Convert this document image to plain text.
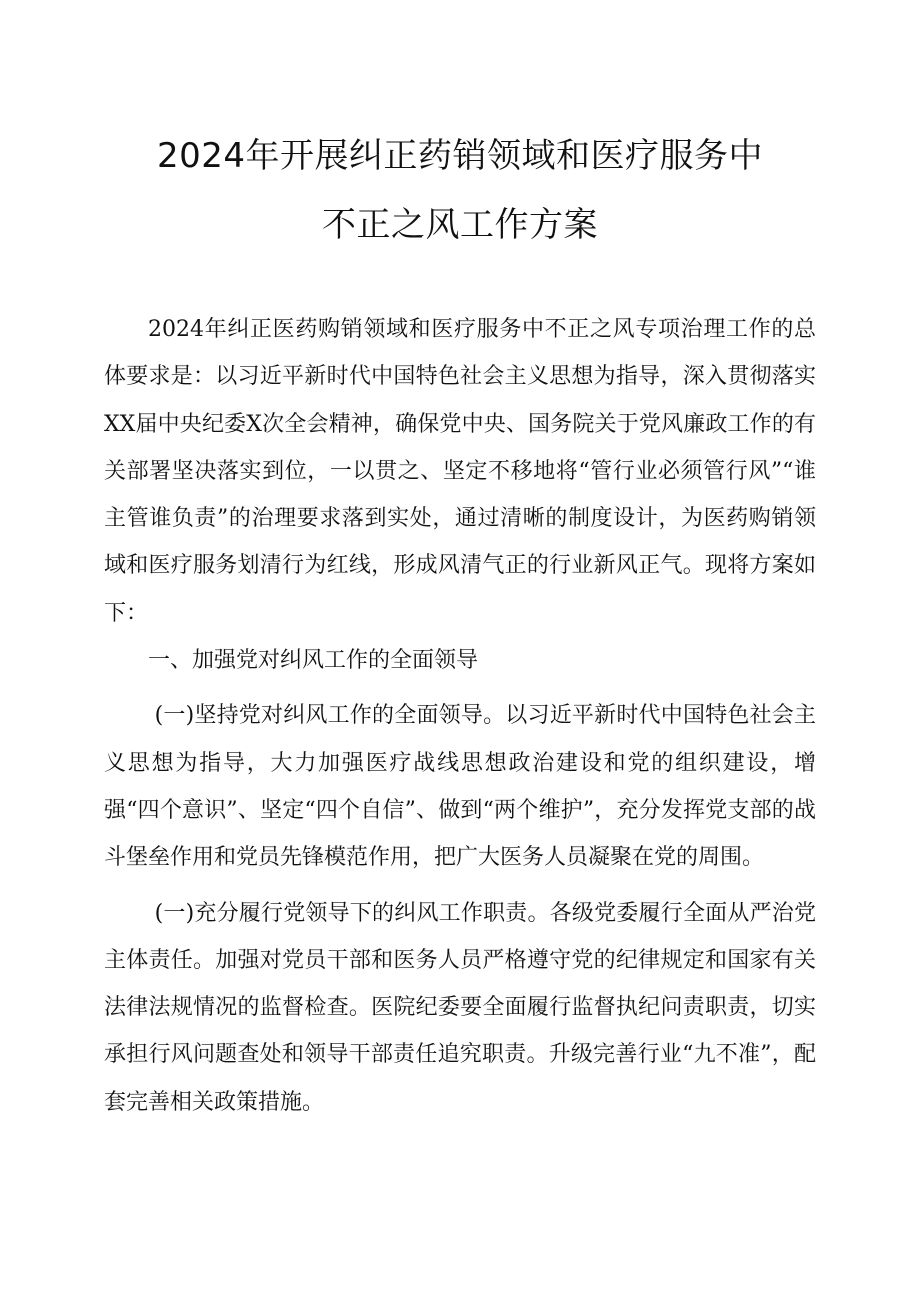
2024年开展纠正药销领域和医疗服务中
不正之风工作方案

2024年纠正医药购销领域和医疗服务中不正之风专项治理工作的总体要求是：以习近平新时代中国特色社会主义思想为指导，深入贯彻落实XX届中央纪委X次全会精神，确保党中央、国务院关于党风廉政工作的有关部署坚决落实到位，一以贯之、坚定不移地将“管行业必须管行风”“谁主管谁负责”的治理要求落到实处，通过清晰的制度设计，为医药购销领域和医疗服务划清行为红线，形成风清气正的行业新风正气。现将方案如下：

一、加强党对纠风工作的全面领导

(一)坚持党对纠风工作的全面领导。以习近平新时代中国特色社会主义思想为指导，大力加强医疗战线思想政治建设和党的组织建设，增强“四个意识”、坚定“四个自信”、做到“两个维护”，充分发挥党支部的战斗堡垒作用和党员先锋模范作用，把广大医务人员凝聚在党的周围。

(一)充分履行党领导下的纠风工作职责。各级党委履行全面从严治党主体责任。加强对党员干部和医务人员严格遵守党的纪律规定和国家有关法律法规情况的监督检查。医院纪委要全面履行监督执纪问责职责，切实承担行风问题查处和领导干部责任追究职责。升级完善行业“九不准”，配套完善相关政策措施。
